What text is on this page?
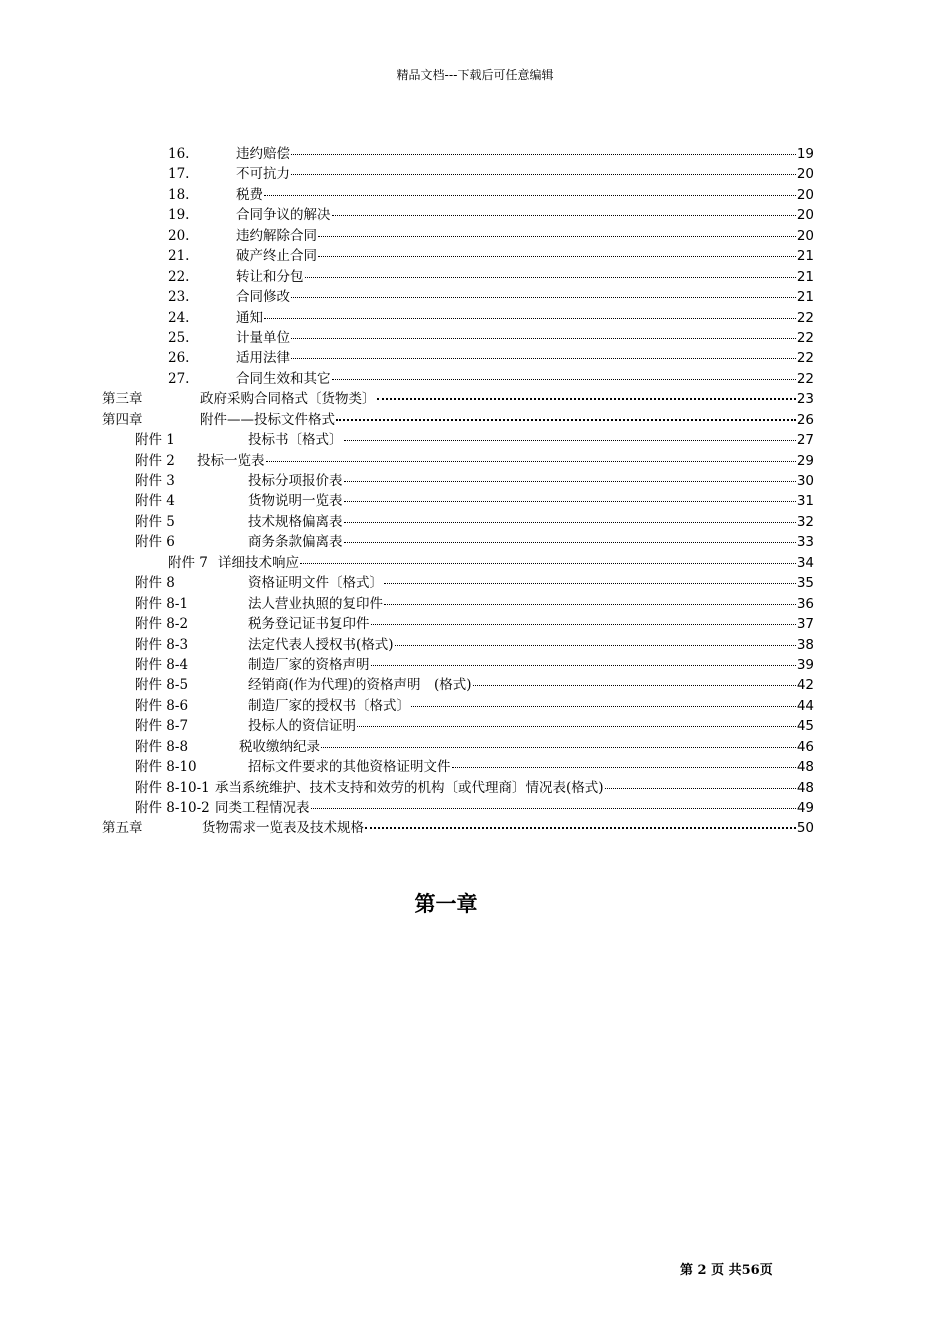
精品文档---下载后可任意编辑
16.	违约赔偿	19
17.	不可抗力	20
18.	税费	20
19.	合同争议的解决	20
20.	违约解除合同	20
21.	破产终止合同	21
22.	转让和分包	21
23.	合同修改	21
24.	通知	22
25.	计量单位	22
26.	适用法律	22
27.	合同生效和其它	22
第三章	政府采购合同格式〔货物类〕	23
第四章	附件——投标文件格式	26
附件 1	投标书〔格式〕	27
附件 2	投标一览表	29
附件 3	投标分项报价表	30
附件 4	货物说明一览表	31
附件 5	技术规格偏离表	32
附件 6	商务条款偏离表	33
附件 7 详细技术响应	34
附件 8	资格证明文件〔格式〕	35
附件 8-1	法人营业执照的复印件	36
附件 8-2	税务登记证书复印件	37
附件 8-3	法定代表人授权书(格式)	38
附件 8-4	制造厂家的资格声明	39
附件 8-5	经销商(作为代理)的资格声明　(格式)	42
附件 8-6	制造厂家的授权书〔格式〕	44
附件 8-7	投标人的资信证明	45
附件 8-8	税收缴纳纪录	46
附件 8-10	招标文件要求的其他资格证明文件	48
附件 8-10-1 承当系统维护、技术支持和效劳的机构〔或代理商〕情况表(格式)	48
附件 8-10-2 同类工程情况表	49
第五章	货物需求一览表及技术规格	50
第一章
第 2 页 共56页
